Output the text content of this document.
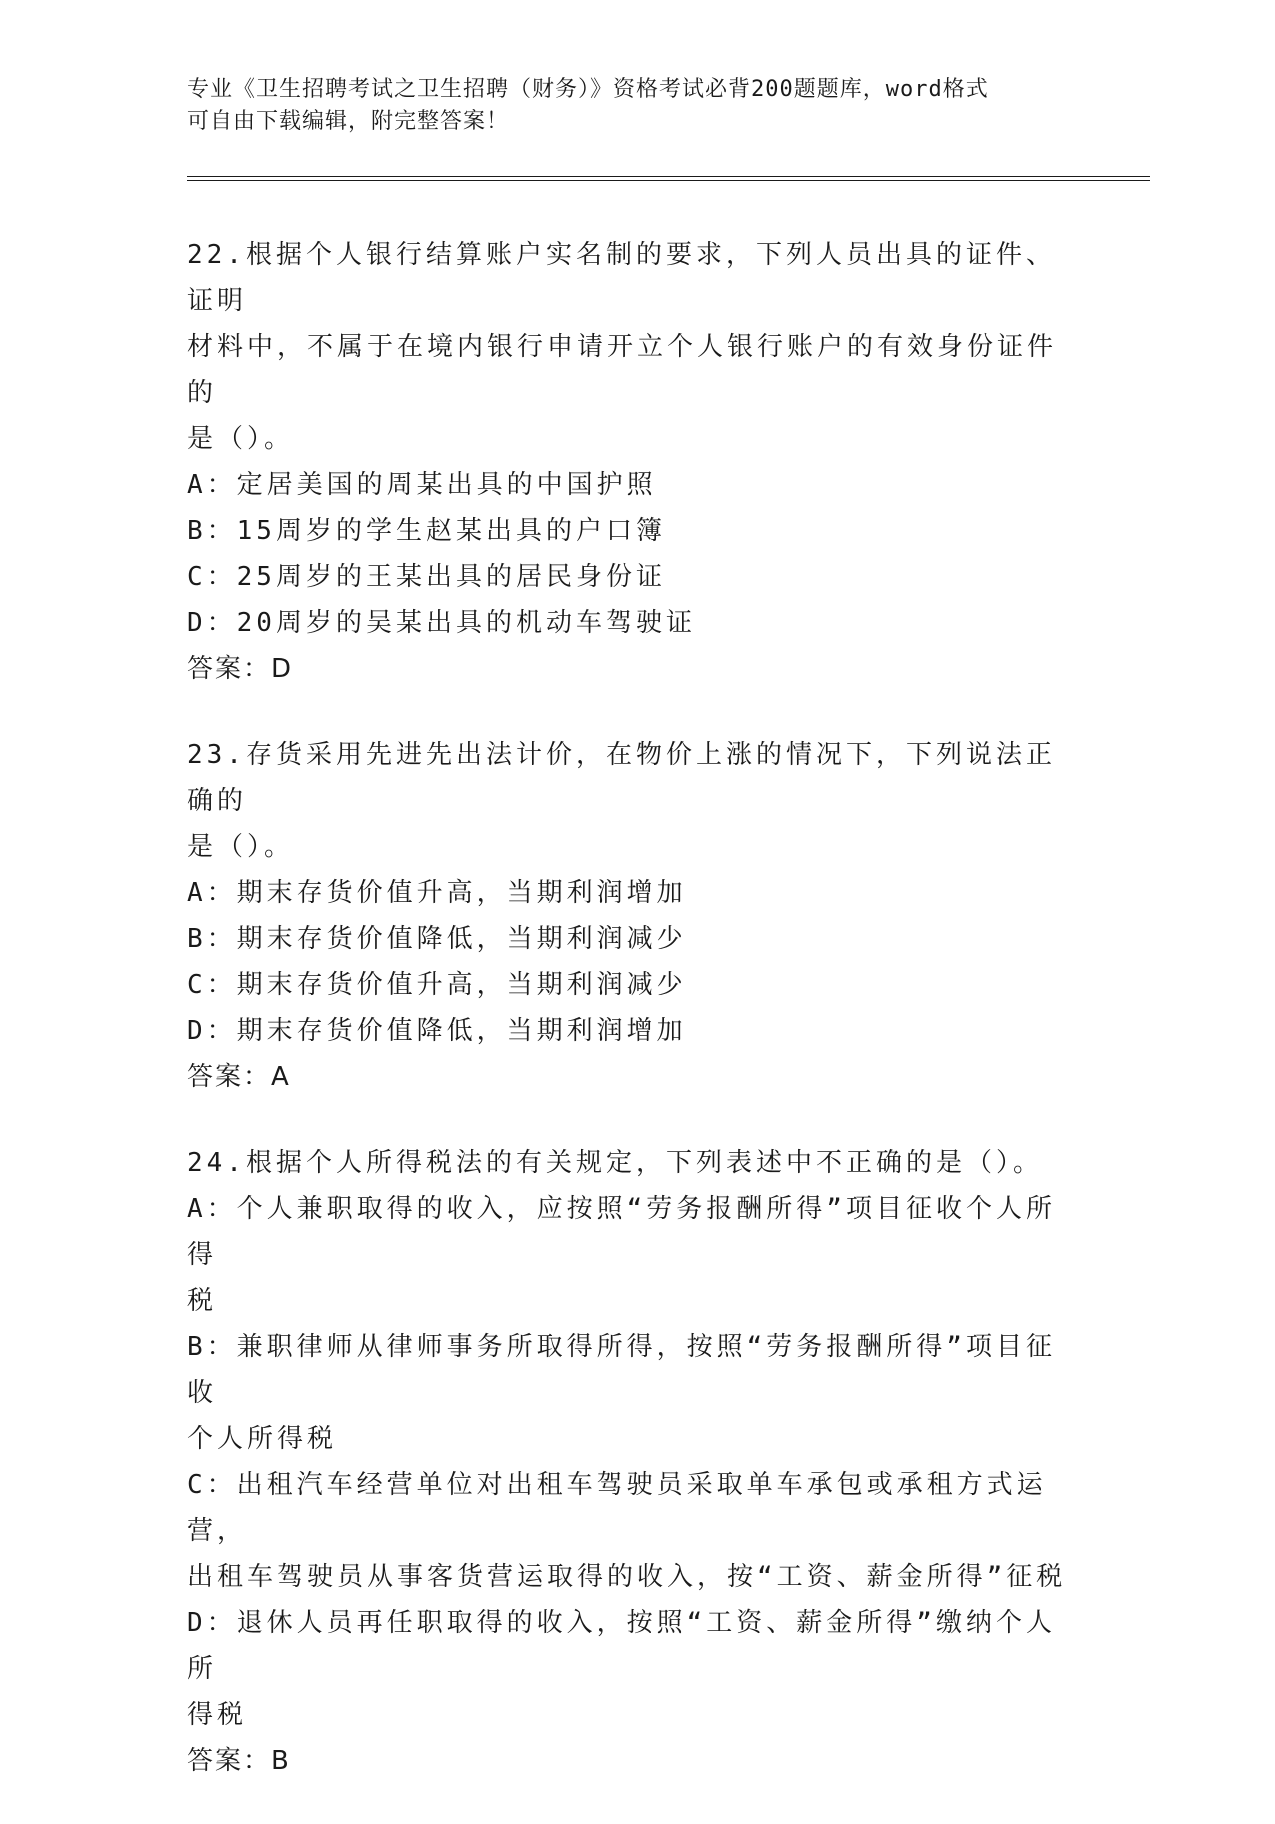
专业《卫生招聘考试之卫生招聘（财务）》资格考试必背200题题库，word格式
可自由下载编辑，附完整答案！
22.根据个人银行结算账户实名制的要求，下列人员出具的证件、证明
材料中，不属于在境内银行申请开立个人银行账户的有效身份证件的
是（）。
A：定居美国的周某出具的中国护照
B：15周岁的学生赵某出具的户口簿
C：25周岁的王某出具的居民身份证
D：20周岁的吴某出具的机动车驾驶证
答案：D
23.存货采用先进先出法计价，在物价上涨的情况下，下列说法正确的
是（）。
A：期末存货价值升高，当期利润增加
B：期末存货价值降低，当期利润减少
C：期末存货价值升高，当期利润减少
D：期末存货价值降低，当期利润增加
答案：A
24.根据个人所得税法的有关规定，下列表述中不正确的是（）。
A：个人兼职取得的收入，应按照“劳务报酬所得”项目征收个人所得
税
B：兼职律师从律师事务所取得所得，按照“劳务报酬所得”项目征收
个人所得税
C：出租汽车经营单位对出租车驾驶员采取单车承包或承租方式运营，
出租车驾驶员从事客货营运取得的收入，按“工资、薪金所得”征税
D：退休人员再任职取得的收入，按照“工资、薪金所得”缴纳个人所
得税
答案：B
